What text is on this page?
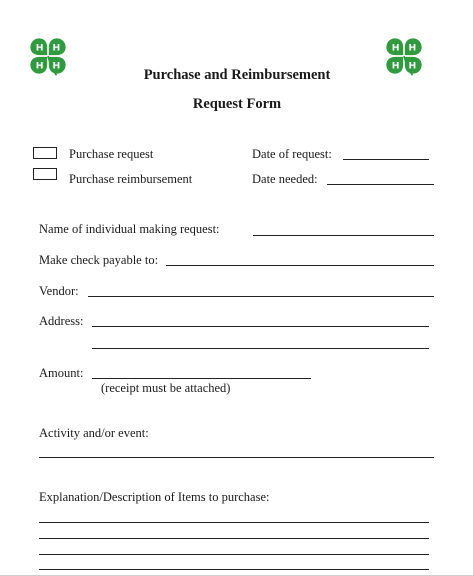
H H
H H
H H
H H
Purchase and Reimbursement
Request Form
Purchase request
Purchase reimbursement
Date of request:
Date needed:
Name of individual making request:
Make check payable to:
Vendor:
Address:
Amount:
(receipt must be attached)
Activity and/or event:
Explanation/Description of Items to purchase:
